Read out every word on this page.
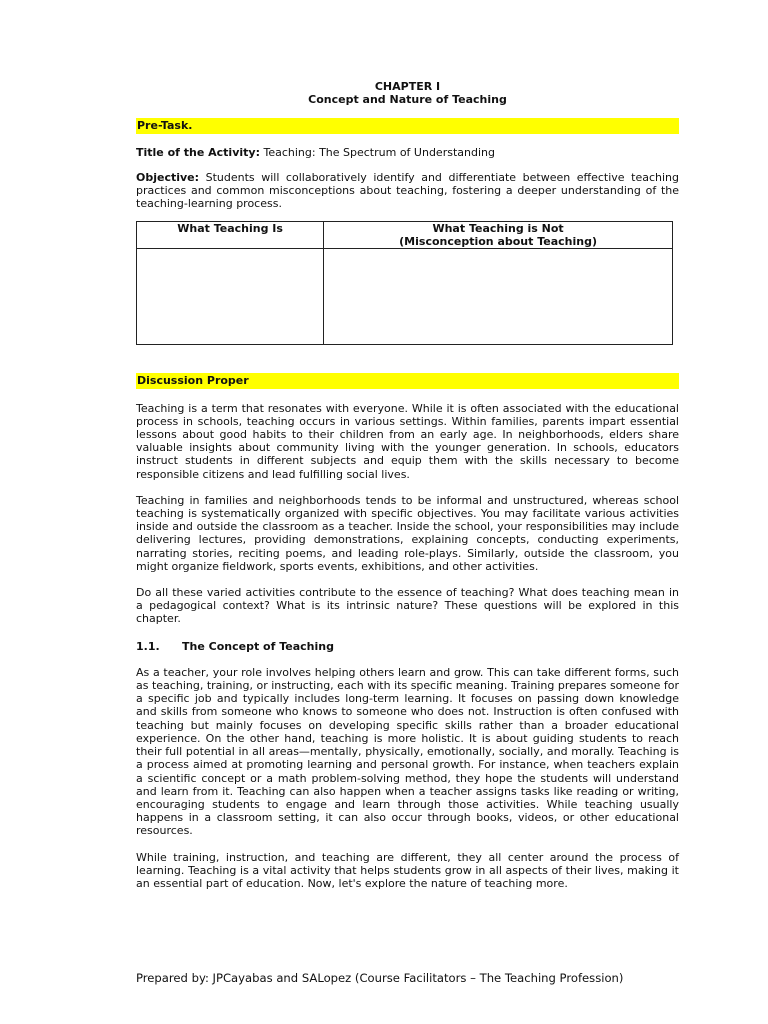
CHAPTER I
Concept and Nature of Teaching
Pre-Task.

Title of the Activity: Teaching: The Spectrum of Understanding

Objective: Students will collaboratively identify and differentiate between effective teaching practices and common misconceptions about teaching, fostering a deeper understanding of the teaching-learning process.

What Teaching Is	What Teaching is Not
(Misconception about Teaching)

Discussion Proper

Teaching is a term that resonates with everyone. While it is often associated with the educational process in schools, teaching occurs in various settings. Within families, parents impart essential lessons about good habits to their children from an early age. In neighborhoods, elders share valuable insights about community living with the younger generation. In schools, educators instruct students in different subjects and equip them with the skills necessary to become responsible citizens and lead fulfilling social lives.

Teaching in families and neighborhoods tends to be informal and unstructured, whereas school teaching is systematically organized with specific objectives. You may facilitate various activities inside and outside the classroom as a teacher. Inside the school, your responsibilities may include delivering lectures, providing demonstrations, explaining concepts, conducting experiments, narrating stories, reciting poems, and leading role-plays. Similarly, outside the classroom, you might organize fieldwork, sports events, exhibitions, and other activities.

Do all these varied activities contribute to the essence of teaching? What does teaching mean in a pedagogical context? What is its intrinsic nature? These questions will be explored in this chapter.

1.1.	The Concept of Teaching

As a teacher, your role involves helping others learn and grow. This can take different forms, such as teaching, training, or instructing, each with its specific meaning. Training prepares someone for a specific job and typically includes long-term learning. It focuses on passing down knowledge and skills from someone who knows to someone who does not. Instruction is often confused with teaching but mainly focuses on developing specific skills rather than a broader educational experience. On the other hand, teaching is more holistic. It is about guiding students to reach their full potential in all areas—mentally, physically, emotionally, socially, and morally. Teaching is a process aimed at promoting learning and personal growth. For instance, when teachers explain a scientific concept or a math problem-solving method, they hope the students will understand and learn from it. Teaching can also happen when a teacher assigns tasks like reading or writing, encouraging students to engage and learn through those activities. While teaching usually happens in a classroom setting, it can also occur through books, videos, or other educational resources.

While training, instruction, and teaching are different, they all center around the process of learning. Teaching is a vital activity that helps students grow in all aspects of their lives, making it an essential part of education. Now, let's explore the nature of teaching more.

Prepared by: JPCayabas and SALopez (Course Facilitators – The Teaching Profession)
